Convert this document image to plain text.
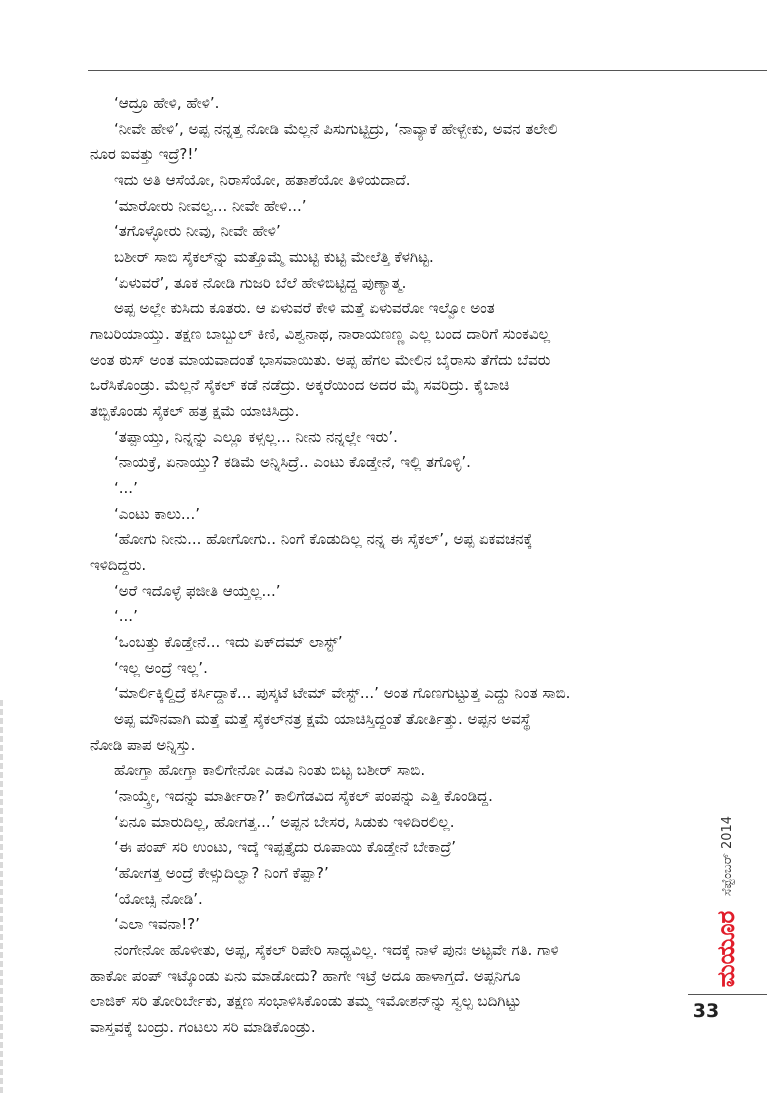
‘ಆದ್ರೂ ಹೇಳಿ, ಹೇಳಿ’.
‘ನೀವೇ ಹೇಳಿ’, ಅಪ್ಪ ನನ್ನತ್ತ ನೋಡಿ ಮೆಲ್ಲನೆ ಪಿಸುಗುಟ್ಟಿದ್ರು, ‘ನಾವ್ಯಾಕೆ ಹೇಳ್ಬೇಕು, ಅವನ ತಲೇಲಿ
ನೂರ ಐವತ್ತು ಇದ್ರೆ?!’
ಇದು ಅತಿ ಆಸೆಯೋ, ನಿರಾಸೆಯೋ, ಹತಾಶೆಯೋ ತಿಳಿಯದಾದೆ.
‘ಮಾರೋರು ನೀವಲ್ವ... ನೀವೇ ಹೇಳಿ...’
‘ತಗೊಳ್ಳೋರು ನೀವು, ನೀವೇ ಹೇಳಿ’
ಬಶೀರ್ ಸಾಬಿ ಸೈಕಲ್‌ನ್ನು ಮತ್ತೊಮ್ಮೆ ಮುಟ್ಟಿ ಕುಟ್ಟಿ ಮೇಲೆತ್ತಿ ಕೆಳಗಿಟ್ಟ.
‘ಏಳುವರೆ’, ತೂಕ ನೋಡಿ ಗುಜರಿ ಬೆಲೆ ಹೇಳಿಬಿಟ್ಟಿದ್ದ ಪುಣ್ಯಾತ್ಮ.
ಅಪ್ಪ ಅಲ್ಲೇ ಕುಸಿದು ಕೂತರು. ಆ ಏಳುವರೆ ಕೇಳಿ ಮತ್ತೆ ಏಳುವರೋ ಇಲ್ವೋ ಅಂತ
ಗಾಬರಿಯಾಯ್ತು. ತಕ್ಷಣ ಬಾಬ್ಬುಲ್ ಕಿಣಿ, ವಿಶ್ವನಾಥ, ನಾರಾಯಣಣ್ಣ ಎಲ್ಲ ಬಂದ ದಾರಿಗೆ ಸುಂಕವಿಲ್ಲ
ಅಂತ ಠುಸ್ ಅಂತ ಮಾಯವಾದಂತೆ ಭಾಸವಾಯಿತು. ಅಪ್ಪ ಹೆಗಲ ಮೇಲಿನ ಬೈರಾಸು ತೆಗೆದು ಬೆವರು
ಒರೆಸಿಕೊಂಡ್ರು. ಮೆಲ್ಲನೆ ಸೈಕಲ್ ಕಡೆ ನಡೆದ್ರು. ಅಕ್ಕರೆಯಿಂದ ಅದರ ಮೈ ಸವರಿದ್ರು. ಕೈಬಾಚಿ
ತಬ್ಬಿಕೊಂಡು ಸೈಕಲ್ ಹತ್ರ ಕ್ಷಮೆ ಯಾಚಿಸಿದ್ರು.
‘ತಪ್ಪಾಯ್ತು, ನಿನ್ನನ್ನು ಎಲ್ಲೂ ಕಳ್ಸಲ್ಲ... ನೀನು ನನ್ನಲ್ಲೇ ಇರು’.
‘ನಾಯಕ್ರೆ, ಏನಾಯ್ತು? ಕಡಿಮೆ ಅನ್ನಿಸಿದ್ರೆ.. ಎಂಟು ಕೊಡ್ತೇನೆ, ಇಲ್ಲಿ ತಗೊಳ್ಳಿ’.
‘...’
‘ಎಂಟು ಕಾಲು...’
‘ಹೋಗು ನೀನು... ಹೋಗೋಗು.. ನಿಂಗೆ ಕೊಡುದಿಲ್ಲ ನನ್ನ ಈ ಸೈಕಲ್’, ಅಪ್ಪ ಏಕವಚನಕ್ಕೆ
ಇಳಿದಿದ್ದರು.
‘ಅರೆ ಇದೊಳ್ಳೆ ಫಜೀತಿ ಆಯ್ತಲ್ಲ...’
‘...’
‘ಒಂಬತ್ತು ಕೊಡ್ತೇನೆ... ಇದು ಏಕ್‌ದಮ್ ಲಾಸ್ಟ್’
‘ಇಲ್ಲ ಅಂದ್ರೆ ಇಲ್ಲ’.
‘ಮಾರ್ಲಿಕ್ಕಿಲ್ದಿದ್ರೆ ಕರ್ಸಿದ್ದಾಕೆ... ಪುಸ್ಕಟೆ ಟೇಮ್ ವೇಸ್ಟ್...’ ಅಂತ ಗೊಣಗುಟ್ಟುತ್ತ ಎದ್ದು ನಿಂತ ಸಾಬಿ.
ಅಪ್ಪ ಮೌನವಾಗಿ ಮತ್ತೆ ಮತ್ತೆ ಸೈಕಲ್‌ನತ್ರ ಕ್ಷಮೆ ಯಾಚಿಸ್ತಿದ್ದಂತೆ ತೋರ್ತಿತ್ತು. ಅಪ್ಪನ ಅವಸ್ಥೆ
ನೋಡಿ ಪಾಪ ಅನ್ನಿಸ್ತು.
ಹೋಗ್ತಾ ಹೋಗ್ತಾ ಕಾಲಿಗೇನೋ ಎಡವಿ ನಿಂತು ಬಿಟ್ಟ ಬಶೀರ್ ಸಾಬಿ.
‘ನಾಯ್ಕ್ರೇ, ಇದನ್ನು ಮಾರ್ತೀರಾ?’ ಕಾಲಿಗೆಡವಿದ ಸೈಕಲ್ ಪಂಪನ್ನು ಎತ್ತಿ ಕೊಂಡಿದ್ದ.
‘ಏನೂ ಮಾರುದಿಲ್ಲ, ಹೋಗತ್ತ...’ ಅಪ್ಪನ ಬೇಸರ, ಸಿಡುಕು ಇಳಿದಿರಲಿಲ್ಲ.
‘ಈ ಪಂಪ್ ಸರಿ ಉಂಟು, ಇದ್ಕೆ ಇಪ್ಪತ್ತೈದು ರೂಪಾಯಿ ಕೊಡ್ತೇನೆ ಬೇಕಾದ್ರೆ’
‘ಹೋಗತ್ತ ಅಂದ್ರೆ ಕೇಳ್ಸುದಿಲ್ವಾ? ನಿಂಗೆ ಕೆಪ್ಪಾ?’
‘ಯೋಚ್ಸಿ ನೋಡಿ’.
‘ಎಲಾ ಇವನಾ!?’
ನಂಗೇನೋ ಹೊಳೀತು, ಅಪ್ಪ, ಸೈಕಲ್ ರಿಪೇರಿ ಸಾಧ್ಯವಿಲ್ಲ. ಇದಕ್ಕೆ ನಾಳೆ ಪುನಃ ಅಟ್ಟವೇ ಗತಿ. ಗಾಳಿ
ಹಾಕೋ ಪಂಪ್ ಇಟ್ಕೊಂಡು ಏನು ಮಾಡೋದು? ಹಾಗೇ ಇಟ್ರೆ ಅದೂ ಹಾಳಾಗ್ತದೆ. ಅಪ್ಪನಿಗೂ
ಲಾಜಿಕ್ ಸರಿ ತೋರಿರ್ಬೇಕು, ತಕ್ಷಣ ಸಂಭಾಳಿಸಿಕೊಂಡು ತಮ್ಮ ಇಮೋಶನ್‌ನ್ನು ಸ್ವಲ್ಪ ಬದಿಗಿಟ್ಟು
ವಾಸ್ತವಕ್ಕೆ ಬಂದ್ರು. ಗಂಟಲು ಸರಿ ಮಾಡಿಕೊಂಡ್ರು.
ಸೆಪ್ಟೆಂಬರ್ 2014
ಮಯೂರ
33
